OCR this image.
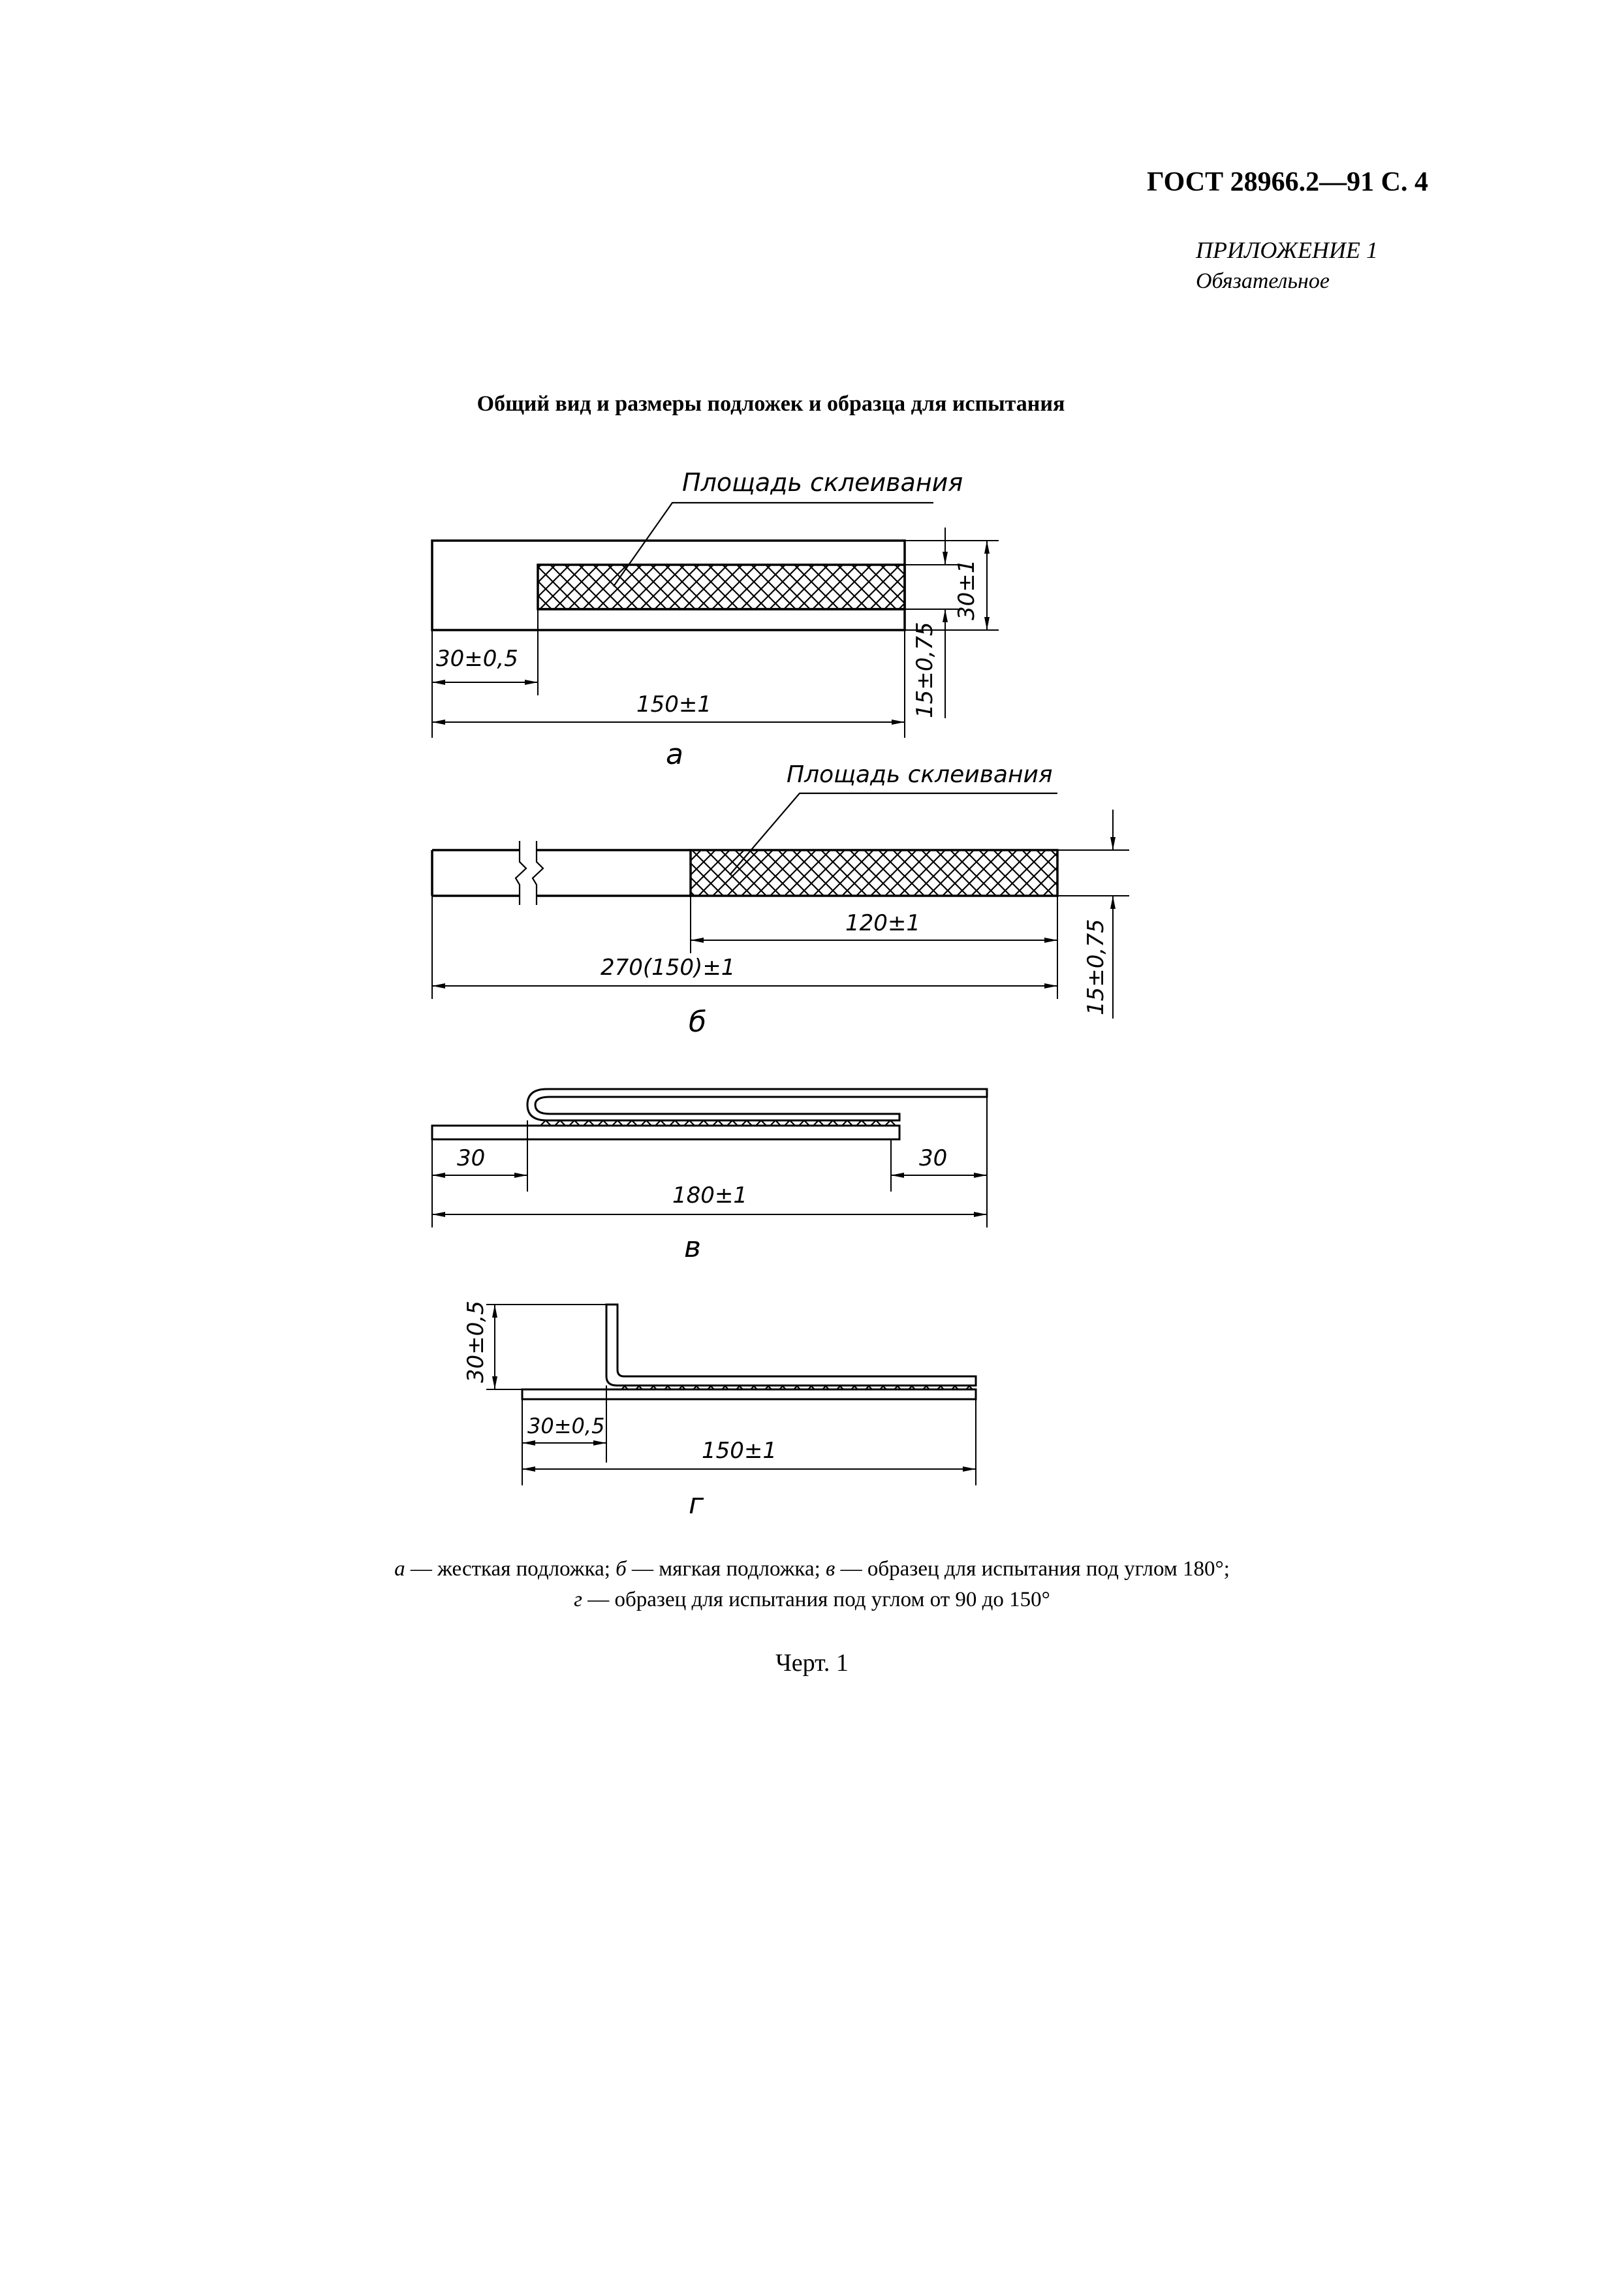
ГОСТ 28966.2—91 С. 4
ПРИЛОЖЕНИЕ 1
Обязательное
Общий вид и размеры подложек и образца для испытания
Площадь склеивания
30±1
15±0,75
30±0,5
150±1
а
Площадь склеивания
15±0,75
120±1
270(150)±1
б
30	30
180±1
в
30±0,5
30±0,5
150±1
г
а — жесткая подложка; б — мягкая подложка; в — образец для испытания под углом 180°;
г — образец для испытания под углом от 90 до 150°
Черт. 1
